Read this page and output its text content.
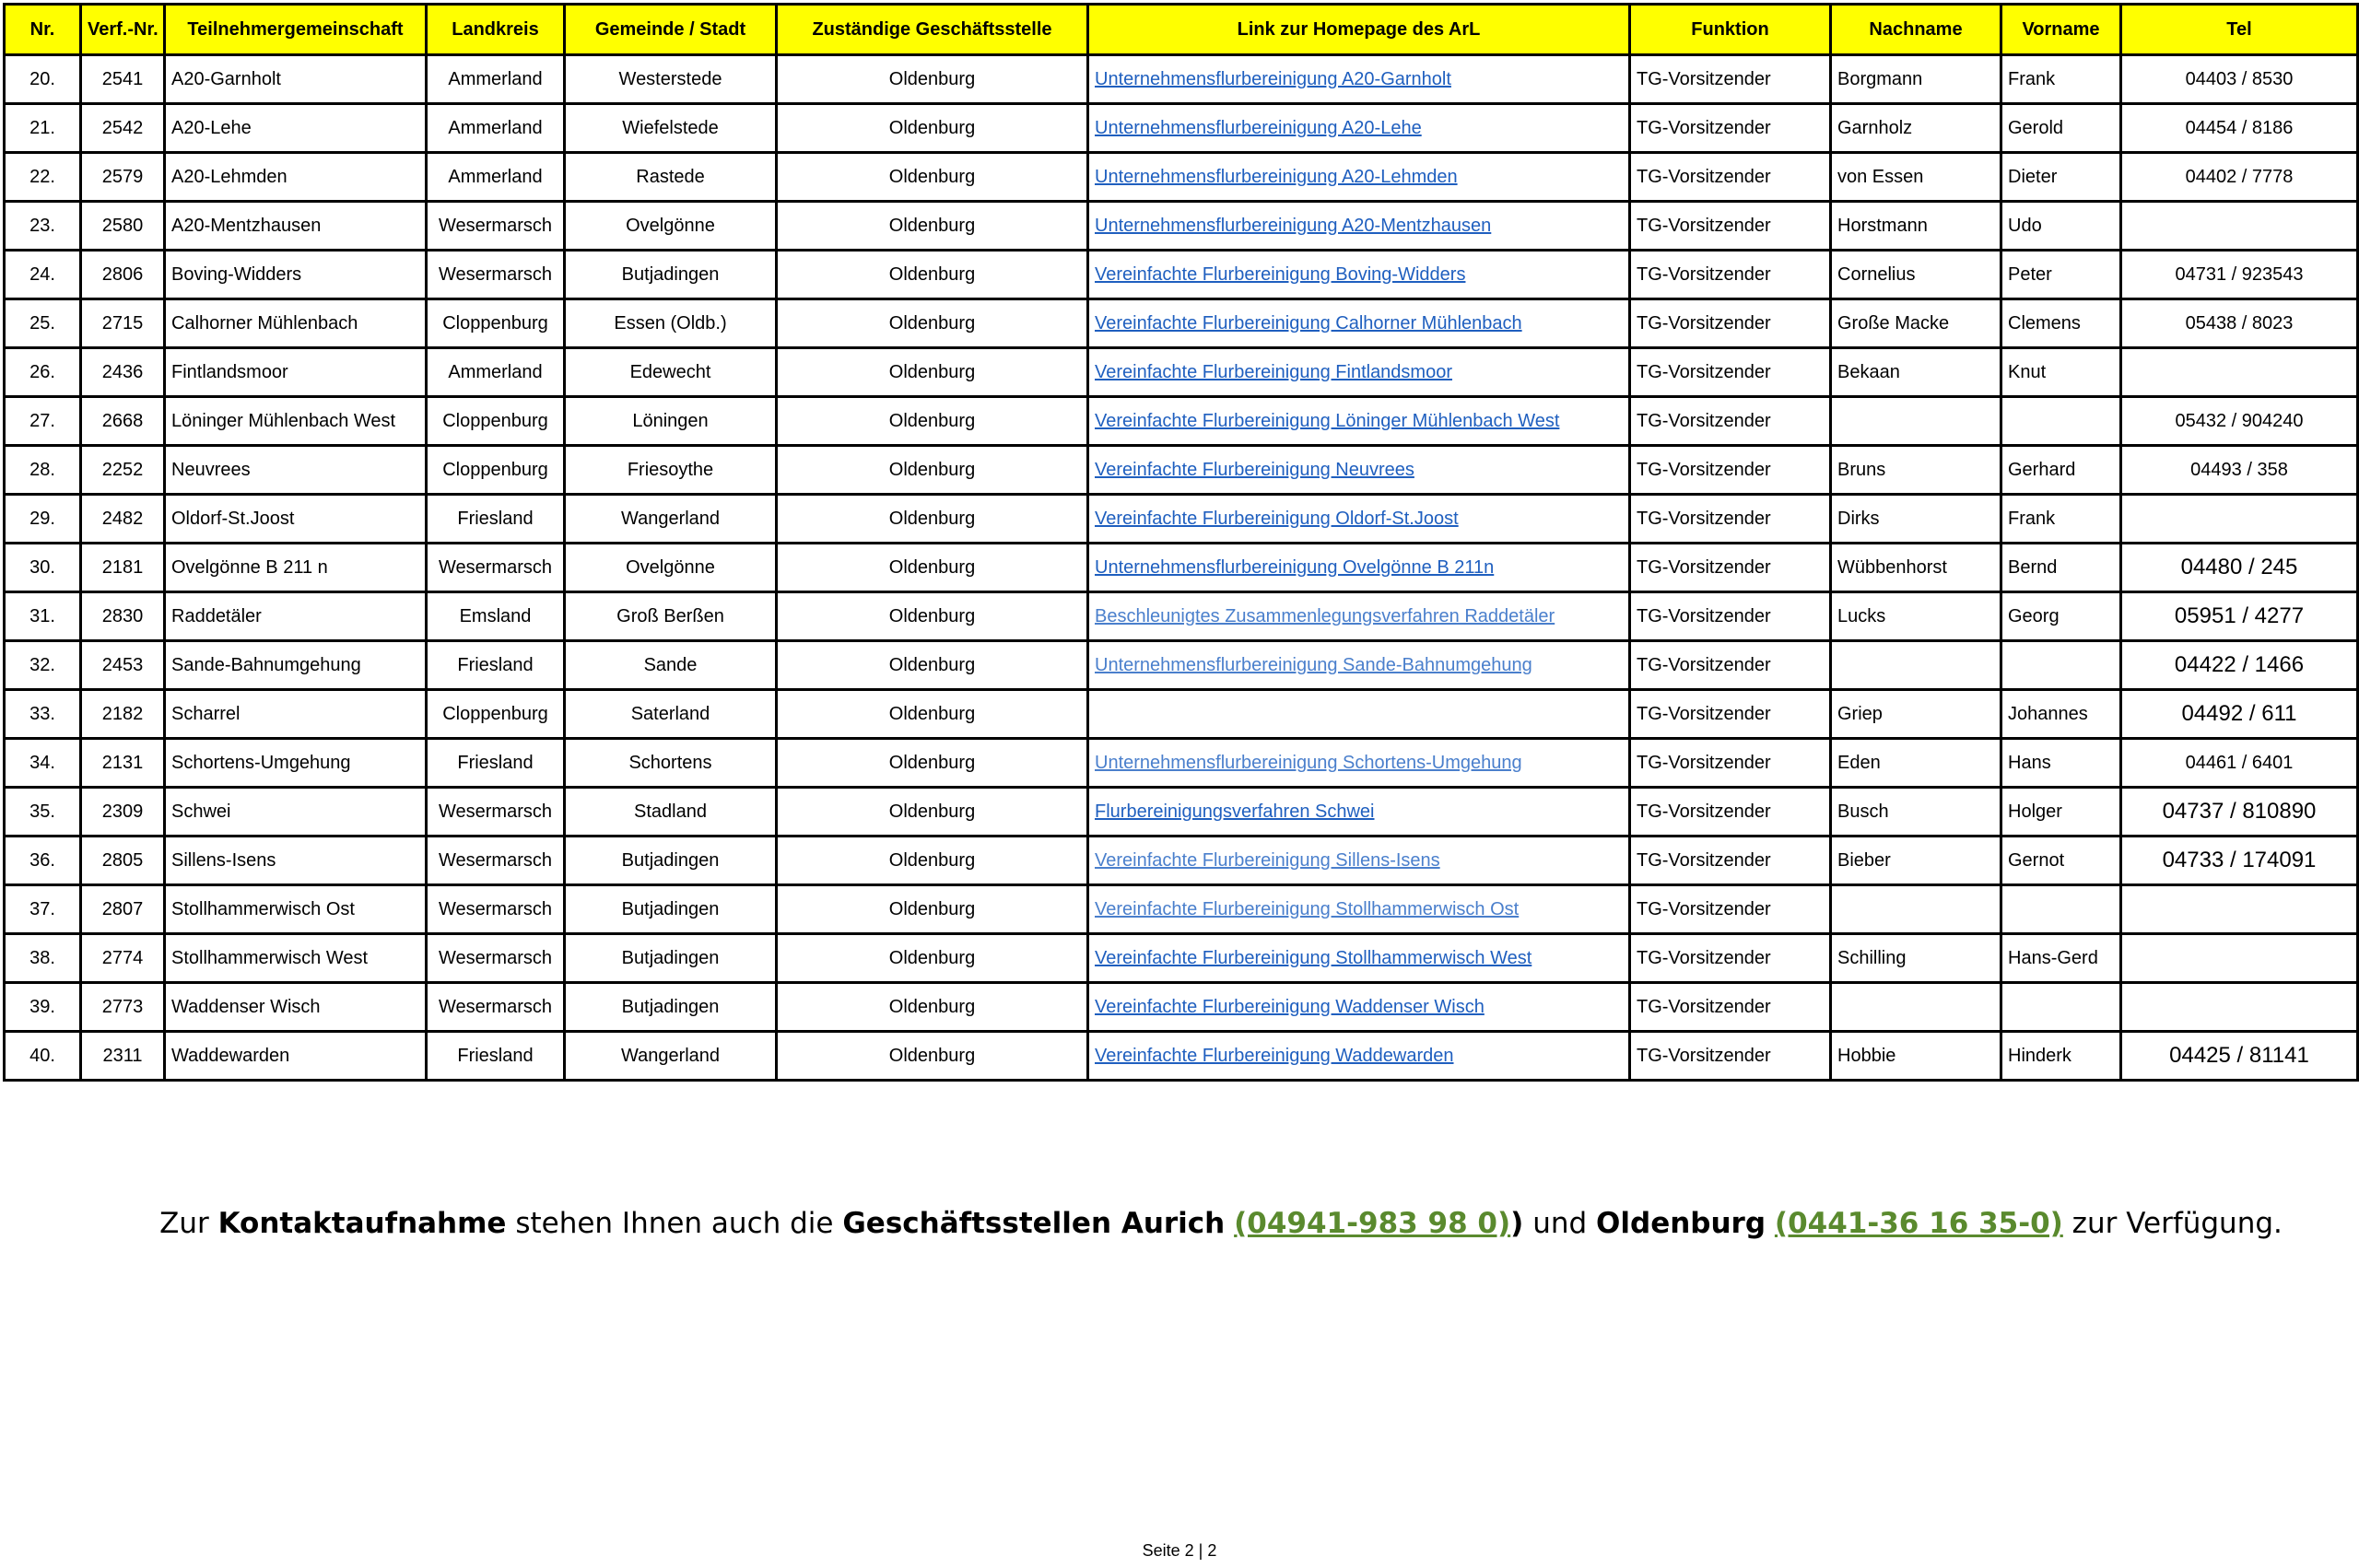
Nr.	Verf.-Nr.	Teilnehmergemeinschaft	Landkreis	Gemeinde / Stadt	Zuständige Geschäftsstelle	Link zur Homepage des ArL	Funktion	Nachname	Vorname	Tel
20.	2541	A20-Garnholt	Ammerland	Westerstede	Oldenburg	Unternehmensflurbereinigung A20-Garnholt	TG-Vorsitzender	Borgmann	Frank	04403 / 8530
21.	2542	A20-Lehe	Ammerland	Wiefelstede	Oldenburg	Unternehmensflurbereinigung A20-Lehe	TG-Vorsitzender	Garnholz	Gerold	04454 / 8186
22.	2579	A20-Lehmden	Ammerland	Rastede	Oldenburg	Unternehmensflurbereinigung A20-Lehmden	TG-Vorsitzender	von Essen	Dieter	04402 / 7778
23.	2580	A20-Mentzhausen	Wesermarsch	Ovelgönne	Oldenburg	Unternehmensflurbereinigung A20-Mentzhausen	TG-Vorsitzender	Horstmann	Udo	
24.	2806	Boving-Widders	Wesermarsch	Butjadingen	Oldenburg	Vereinfachte Flurbereinigung Boving-Widders	TG-Vorsitzender	Cornelius	Peter	04731 / 923543
25.	2715	Calhorner Mühlenbach	Cloppenburg	Essen (Oldb.)	Oldenburg	Vereinfachte Flurbereinigung Calhorner Mühlenbach	TG-Vorsitzender	Große Macke	Clemens	05438 / 8023
26.	2436	Fintlandsmoor	Ammerland	Edewecht	Oldenburg	Vereinfachte Flurbereinigung Fintlandsmoor	TG-Vorsitzender	Bekaan	Knut	
27.	2668	Löninger Mühlenbach West	Cloppenburg	Löningen	Oldenburg	Vereinfachte Flurbereinigung Löninger Mühlenbach West	TG-Vorsitzender			05432 / 904240
28.	2252	Neuvrees	Cloppenburg	Friesoythe	Oldenburg	Vereinfachte Flurbereinigung Neuvrees	TG-Vorsitzender	Bruns	Gerhard	04493 / 358
29.	2482	Oldorf-St.Joost	Friesland	Wangerland	Oldenburg	Vereinfachte Flurbereinigung Oldorf-St.Joost	TG-Vorsitzender	Dirks	Frank	
30.	2181	Ovelgönne B 211 n	Wesermarsch	Ovelgönne	Oldenburg	Unternehmensflurbereinigung Ovelgönne B 211n	TG-Vorsitzender	Wübbenhorst	Bernd	04480 / 245
31.	2830	Raddetäler	Emsland	Groß Berßen	Oldenburg	Beschleunigtes Zusammenlegungsverfahren Raddetäler	TG-Vorsitzender	Lucks	Georg	05951 / 4277
32.	2453	Sande-Bahnumgehung	Friesland	Sande	Oldenburg	Unternehmensflurbereinigung Sande-Bahnumgehung	TG-Vorsitzender			04422 / 1466
33.	2182	Scharrel	Cloppenburg	Saterland	Oldenburg		TG-Vorsitzender	Griep	Johannes	04492 / 611
34.	2131	Schortens-Umgehung	Friesland	Schortens	Oldenburg	Unternehmensflurbereinigung Schortens-Umgehung	TG-Vorsitzender	Eden	Hans	04461 / 6401
35.	2309	Schwei	Wesermarsch	Stadland	Oldenburg	Flurbereinigungsverfahren Schwei	TG-Vorsitzender	Busch	Holger	04737 / 810890
36.	2805	Sillens-Isens	Wesermarsch	Butjadingen	Oldenburg	Vereinfachte Flurbereinigung Sillens-Isens	TG-Vorsitzender	Bieber	Gernot	04733 / 174091
37.	2807	Stollhammerwisch Ost	Wesermarsch	Butjadingen	Oldenburg	Vereinfachte Flurbereinigung Stollhammerwisch Ost	TG-Vorsitzender			
38.	2774	Stollhammerwisch West	Wesermarsch	Butjadingen	Oldenburg	Vereinfachte Flurbereinigung Stollhammerwisch West	TG-Vorsitzender	Schilling	Hans-Gerd	
39.	2773	Waddenser Wisch	Wesermarsch	Butjadingen	Oldenburg	Vereinfachte Flurbereinigung Waddenser Wisch	TG-Vorsitzender			
40.	2311	Waddewarden	Friesland	Wangerland	Oldenburg	Vereinfachte Flurbereinigung Waddewarden	TG-Vorsitzender	Hobbie	Hinderk	04425 / 81141
Zur Kontaktaufnahme stehen Ihnen auch die Geschäftsstellen Aurich (04941-983 98 0)) und Oldenburg (0441-36 16 35-0) zur Verfügung.
Seite 2 | 2
